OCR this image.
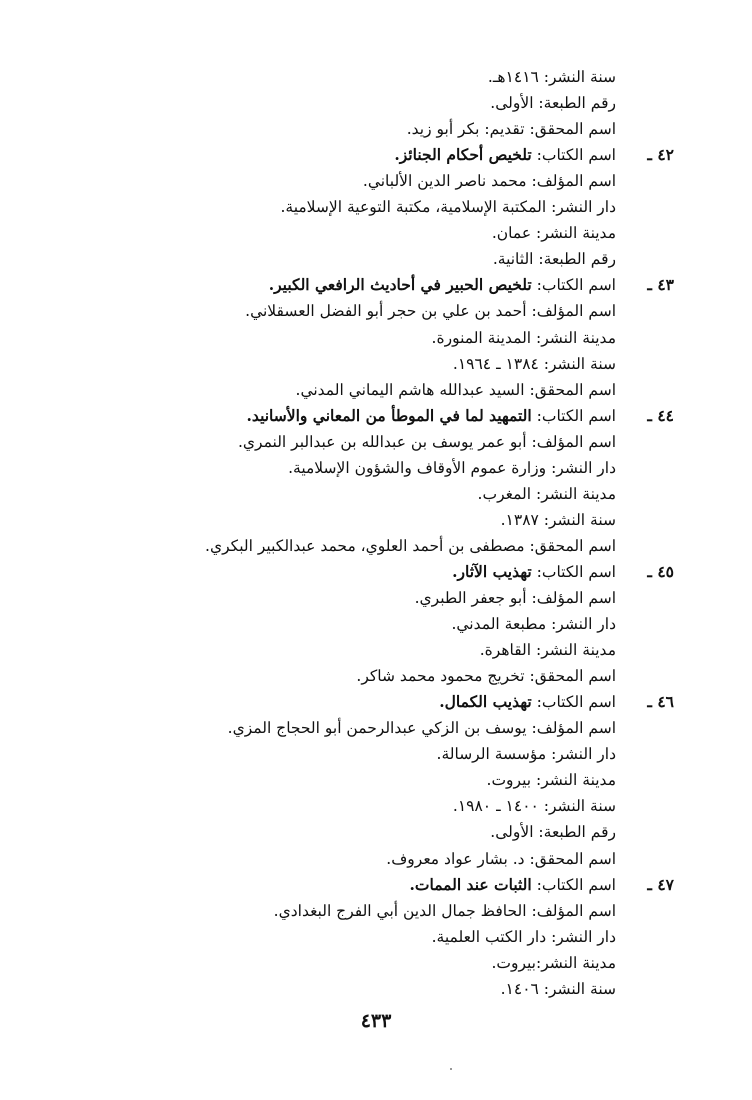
سنة النشر: ١٤١٦هـ.
رقم الطبعة: الأولى.
اسم المحقق: تقديم: بكر أبو زيد.
اسم الكتاب: تلخيص أحكام الجنائز.	٤٢ ـ
اسم المؤلف: محمد ناصر الدين الألباني.
دار النشر: المكتبة الإسلامية، مكتبة التوعية الإسلامية.
مدينة النشر: عمان.
رقم الطبعة: الثانية.
اسم الكتاب: تلخيص الحبير في أحاديث الرافعي الكبير.	٤٣ ـ
اسم المؤلف: أحمد بن علي بن حجر أبو الفضل العسقلاني.
مدينة النشر: المدينة المنورة.
سنة النشر: ١٣٨٤ ـ ١٩٦٤.
اسم المحقق: السيد عبدالله هاشم اليماني المدني.
اسم الكتاب: التمهيد لما في الموطأ من المعاني والأسانيد.	٤٤ ـ
اسم المؤلف: أبو عمر يوسف بن عبدالله بن عبدالبر النمري.
دار النشر: وزارة عموم الأوقاف والشؤون الإسلامية.
مدينة النشر: المغرب.
سنة النشر: ١٣٨٧.
اسم المحقق: مصطفى بن أحمد العلوي، محمد عبدالكبير البكري.
اسم الكتاب: تهذيب الآثار.	٤٥ ـ
اسم المؤلف: أبو جعفر الطبري.
دار النشر: مطبعة المدني.
مدينة النشر: القاهرة.
اسم المحقق: تخريج محمود محمد شاكر.
اسم الكتاب: تهذيب الكمال.	٤٦ ـ
اسم المؤلف: يوسف بن الزكي عبدالرحمن أبو الحجاج المزي.
دار النشر: مؤسسة الرسالة.
مدينة النشر: بيروت.
سنة النشر: ١٤٠٠ ـ ١٩٨٠.
رقم الطبعة: الأولى.
اسم المحقق: د. بشار عواد معروف.
اسم الكتاب: الثبات عند الممات.	٤٧ ـ
اسم المؤلف: الحافظ جمال الدين أبي الفرج البغدادي.
دار النشر: دار الكتب العلمية.
مدينة النشر:بيروت.
سنة النشر: ١٤٠٦.
٤٣٣
